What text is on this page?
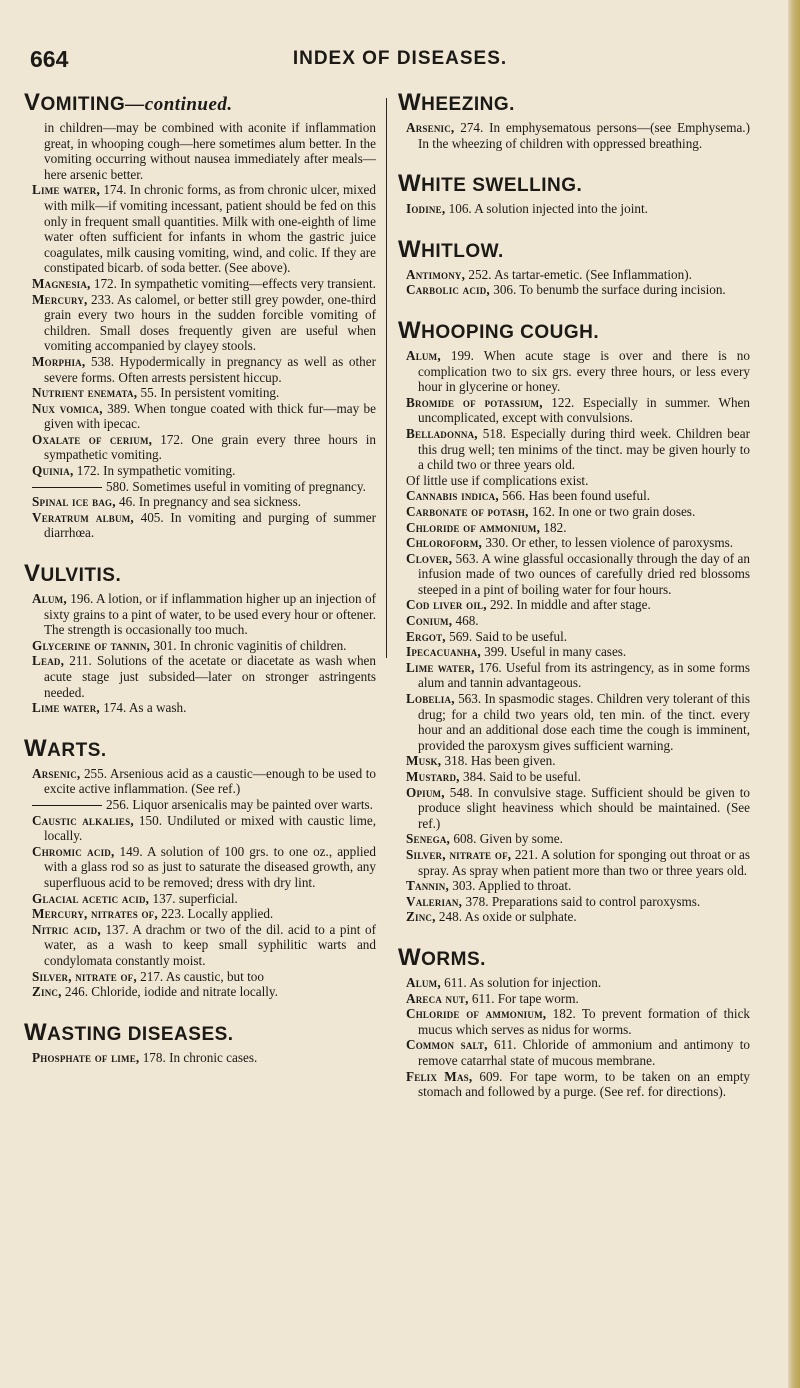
664	INDEX OF DISEASES.
VOMITING—continued.

in children—may be combined with aconite if inflammation great, in whooping cough—here sometimes alum better. In the vomiting occurring without nausea immediately after meals—here arsenic better.

Lime water, 174. In chronic forms, as from chronic ulcer, mixed with milk—if vomiting incessant, patient should be fed on this only in frequent small quantities. Milk with one-eighth of lime water often sufficient for infants in whom the gastric juice coagulates, milk causing vomiting, wind, and colic. If they are constipated bicarb. of soda better. (See above).

Magnesia, 172. In sympathetic vomiting—effects very transient.

Mercury, 233. As calomel, or better still grey powder, one-third grain every two hours in the sudden forcible vomiting of children. Small doses frequently given are useful when vomiting accompanied by clayey stools.

Morphia, 538. Hypodermically in pregnancy as well as other severe forms. Often arrests persistent hiccup.

Nutrient enemata, 55. In persistent vomiting.

Nux vomica, 389. When tongue coated with thick fur—may be given with ipecac.

Oxalate of cerium, 172. One grain every three hours in sympathetic vomiting.

Quinia, 172. In sympathetic vomiting.

580. Sometimes useful in vomiting of pregnancy.

Spinal ice bag, 46. In pregnancy and sea sickness.

Veratrum album, 405. In vomiting and purging of summer diarrhœa.

VULVITIS.

Alum, 196. A lotion, or if inflammation higher up an injection of sixty grains to a pint of water, to be used every hour or oftener. The strength is occasionally too much.

Glycerine of tannin, 301. In chronic vaginitis of children.

Lead, 211. Solutions of the acetate or diacetate as wash when acute stage just subsided—later on stronger astringents needed.

Lime water, 174. As a wash.

WARTS.

Arsenic, 255. Arsenious acid as a caustic—enough to be used to excite active inflammation. (See ref.)

256. Liquor arsenicalis may be painted over warts.

Caustic alkalies, 150. Undiluted or mixed with caustic lime, locally.

Chromic acid, 149. A solution of 100 grs. to one oz., applied with a glass rod so as just to saturate the diseased growth, any superfluous acid to be removed; dress with dry lint.

Glacial acetic acid, 137. superficial.

Mercury, nitrates of, 223. Locally applied.

Nitric acid, 137. A drachm or two of the dil. acid to a pint of water, as a wash to keep small syphilitic warts and condylomata constantly moist.

Silver, nitrate of, 217. As caustic, but too

Zinc, 246. Chloride, iodide and nitrate locally.

WASTING DISEASES.

Phosphate of lime, 178. In chronic cases.

WHEEZING.

Arsenic, 274. In emphysematous persons—(see Emphysema.) In the wheezing of children with oppressed breathing.

WHITE SWELLING.

Iodine, 106. A solution injected into the joint.

WHITLOW.

Antimony, 252. As tartar-emetic. (See Inflammation).

Carbolic acid, 306. To benumb the surface during incision.

WHOOPING COUGH.

Alum, 199. When acute stage is over and there is no complication two to six grs. every three hours, or less every hour in glycerine or honey.

Bromide of potassium, 122. Especially in summer. When uncomplicated, except with convulsions.

Belladonna, 518. Especially during third week. Children bear this drug well; ten minims of the tinct. may be given hourly to a child two or three years old.

Of little use if complications exist.

Cannabis indica, 566. Has been found useful.

Carbonate of potash, 162. In one or two grain doses.

Chloride of ammonium, 182.

Chloroform, 330. Or ether, to lessen violence of paroxysms.

Clover, 563. A wine glassful occasionally through the day of an infusion made of two ounces of carefully dried red blossoms steeped in a pint of boiling water for four hours.

Cod liver oil, 292. In middle and after stage.

Conium, 468.

Ergot, 569. Said to be useful.

Ipecacuanha, 399. Useful in many cases.

Lime water, 176. Useful from its astringency, as in some forms alum and tannin advantageous.

Lobelia, 563. In spasmodic stages. Children very tolerant of this drug; for a child two years old, ten min. of the tinct. every hour and an additional dose each time the cough is imminent, provided the paroxysm gives sufficient warning.

Musk, 318. Has been given.

Mustard, 384. Said to be useful.

Opium, 548. In convulsive stage. Sufficient should be given to produce slight heaviness which should be maintained. (See ref.)

Senega, 608. Given by some.

Silver, nitrate of, 221. A solution for sponging out throat or as spray. As spray when patient more than two or three years old.

Tannin, 303. Applied to throat.

Valerian, 378. Preparations said to control paroxysms.

Zinc, 248. As oxide or sulphate.

WORMS.

Alum, 611. As solution for injection.

Areca nut, 611. For tape worm.

Chloride of ammonium, 182. To prevent formation of thick mucus which serves as nidus for worms.

Common salt, 611. Chloride of ammonium and antimony to remove catarrhal state of mucous membrane.

Felix Mas, 609. For tape worm, to be taken on an empty stomach and followed by a purge. (See ref. for directions).
